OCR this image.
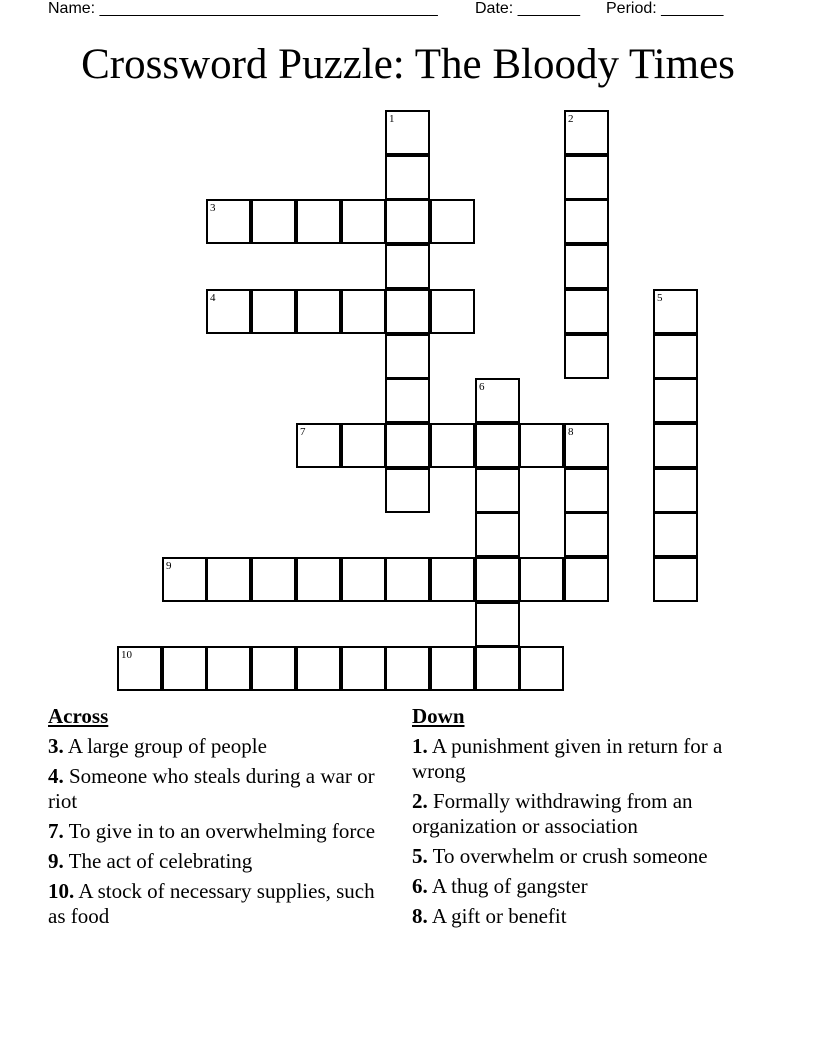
Name: ______________________________________ Date: _______ Period: _______
Crossword Puzzle: The Bloody Times
1	2
3
4	5
6
7	8
9
10
Across
3. A large group of people
4. Someone who steals during a war or riot
7. To give in to an overwhelming force
9. The act of celebrating
10. A stock of necessary supplies, such as food
Down
1. A punishment given in return for a wrong
2. Formally withdrawing from an organization or association
5. To overwhelm or crush someone
6. A thug of gangster
8. A gift or benefit
